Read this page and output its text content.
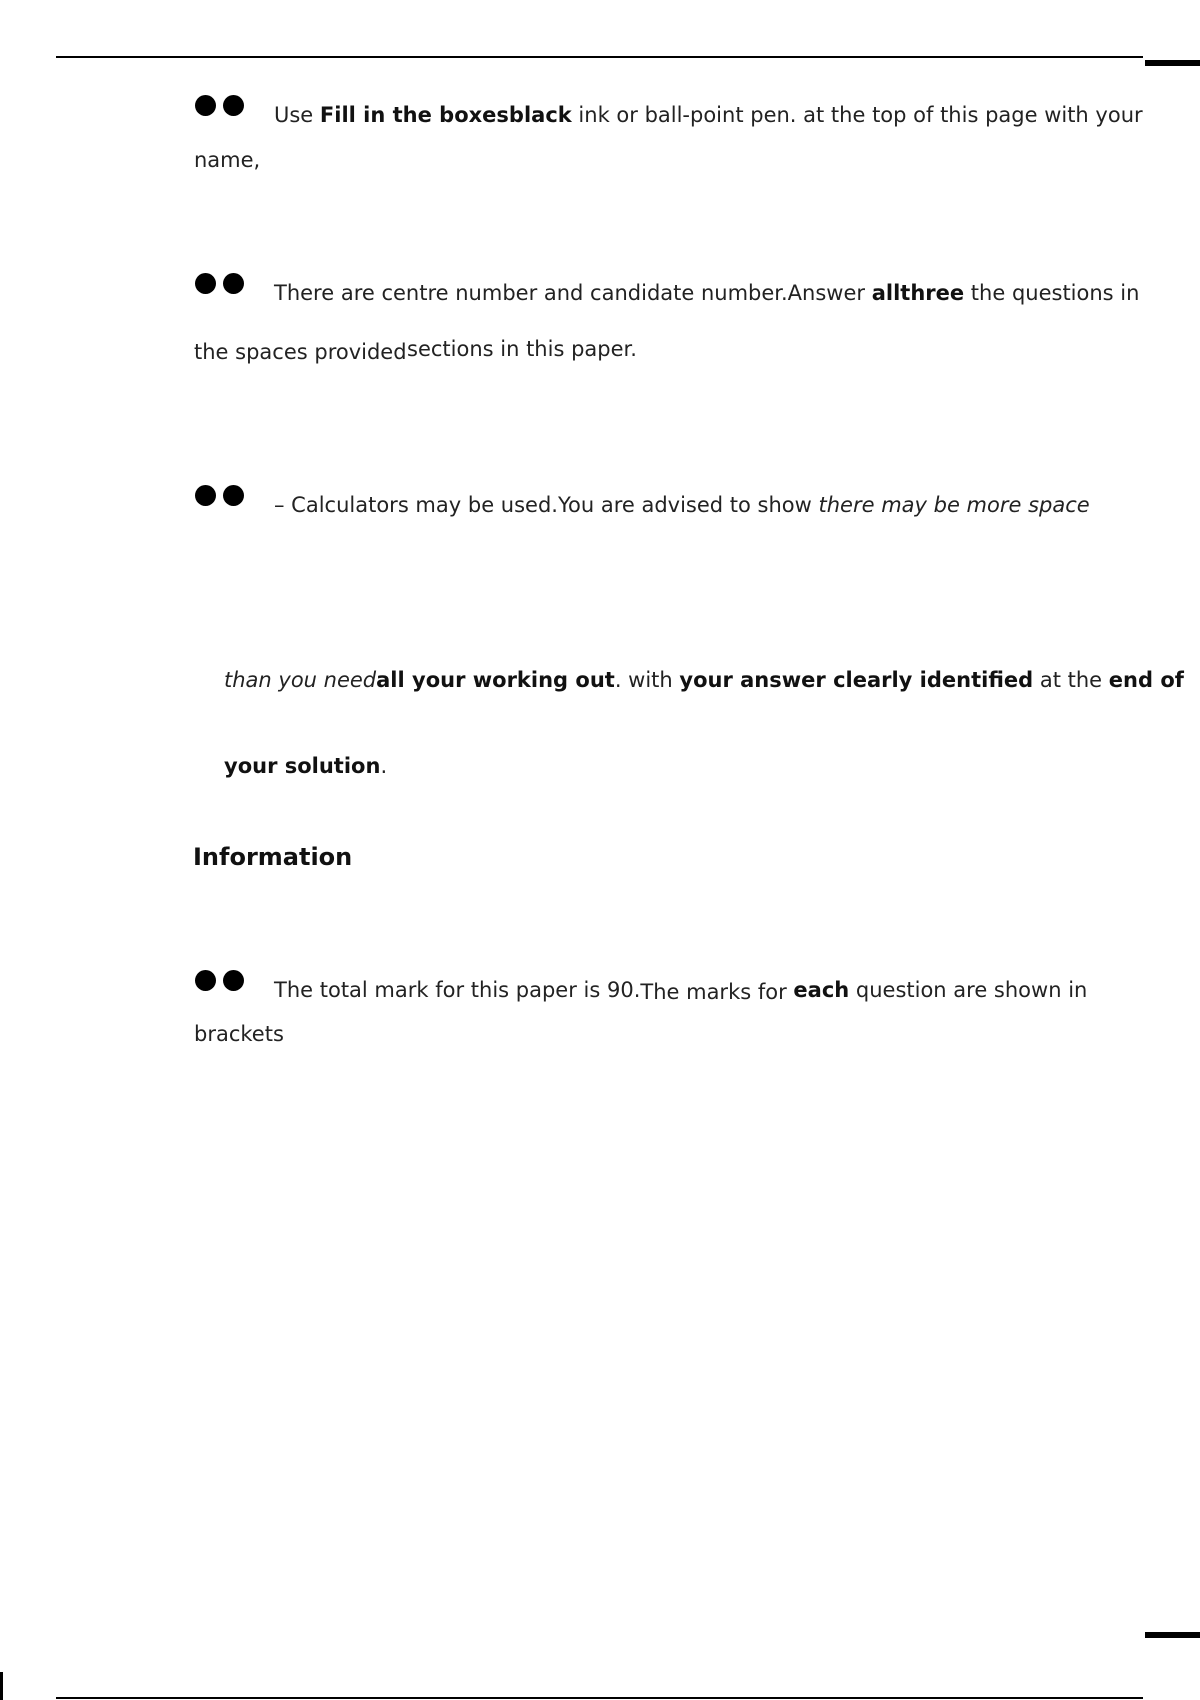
Use Fill in the boxesblack ink or ball-point pen. at the top of this page with your
name,
There are centre number and candidate number.Answer allthree the questions in
the spaces provided sections in this paper.
– Calculators may be used.You are advised to show there may be more space
than you needall your working out. with your answer clearly identified at the end of
your solution.
Information
The total mark for this paper is 90.The marks for each question are shown in
brackets
